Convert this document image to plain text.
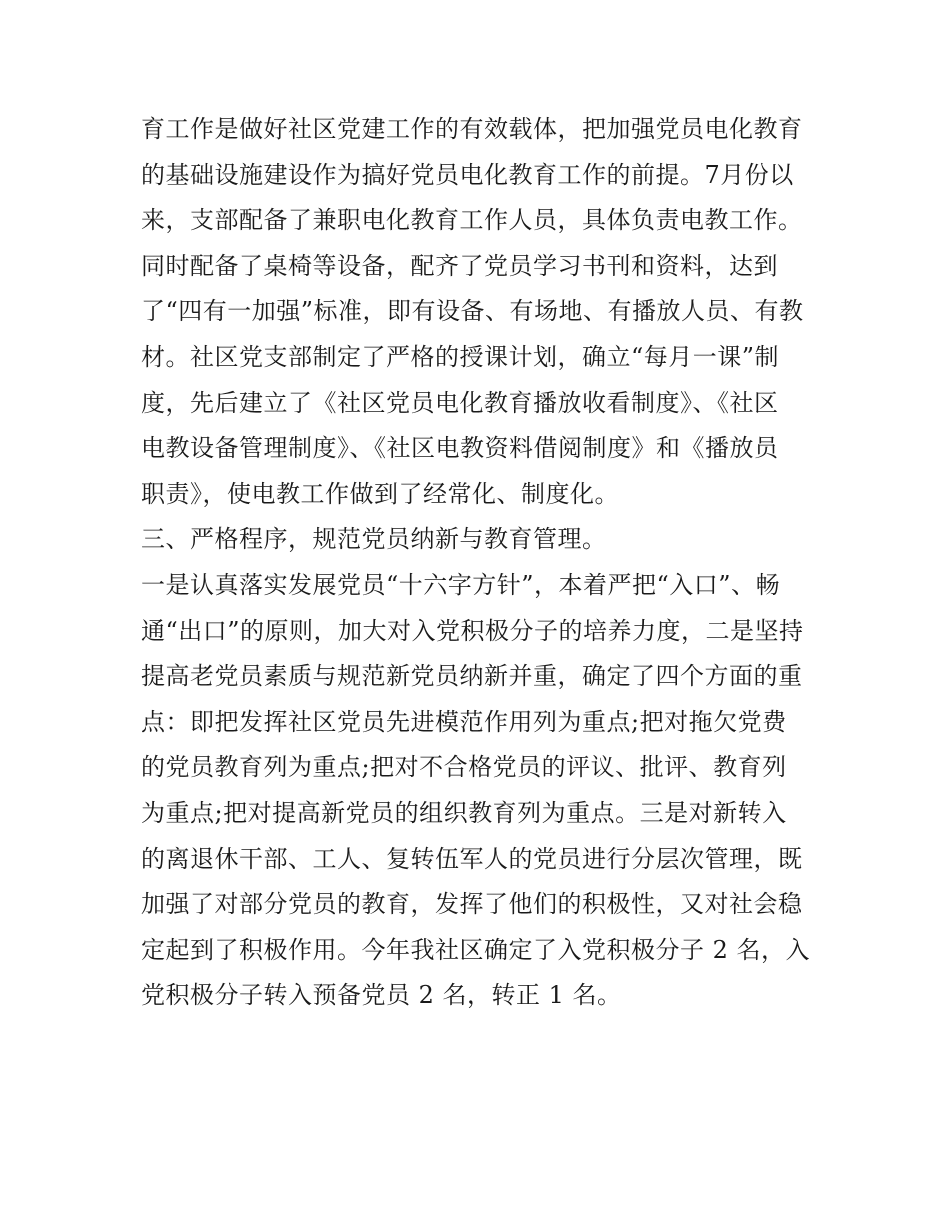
育工作是做好社区党建工作的有效载体，把加强党员电化教育
的基础设施建设作为搞好党员电化教育工作的前提。7月份以
来，支部配备了兼职电化教育工作人员，具体负责电教工作。
同时配备了桌椅等设备，配齐了党员学习书刊和资料，达到
了“四有一加强”标准，即有设备、有场地、有播放人员、有教
材。社区党支部制定了严格的授课计划，确立“每月一课”制
度，先后建立了《社区党员电化教育播放收看制度》、《社区
电教设备管理制度》、《社区电教资料借阅制度》和《播放员
职责》，使电教工作做到了经常化、制度化。
三、严格程序，规范党员纳新与教育管理。
一是认真落实发展党员“十六字方针”，本着严把“入口”、畅
通“出口”的原则，加大对入党积极分子的培养力度，二是坚持
提高老党员素质与规范新党员纳新并重，确定了四个方面的重
点：即把发挥社区党员先进模范作用列为重点;把对拖欠党费
的党员教育列为重点;把对不合格党员的评议、批评、教育列
为重点;把对提高新党员的组织教育列为重点。三是对新转入
的离退休干部、工人、复转伍军人的党员进行分层次管理，既
加强了对部分党员的教育，发挥了他们的积极性，又对社会稳
定起到了积极作用。今年我社区确定了入党积极分子 2 名，入
党积极分子转入预备党员 2 名，转正 1 名。
